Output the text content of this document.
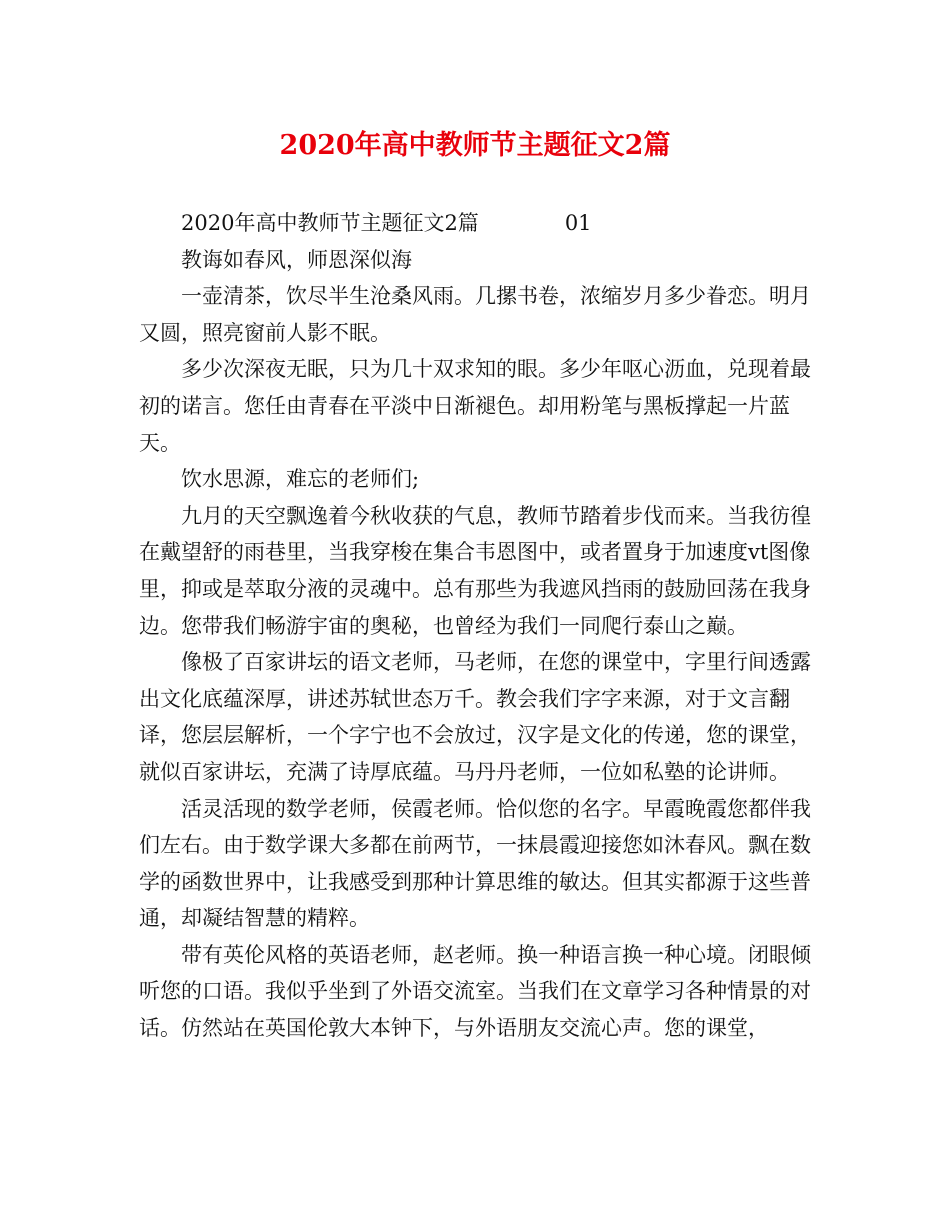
2020年高中教师节主题征文2篇

2020年高中教师节主题征文2篇	01

教诲如春风，师恩深似海

一壶清茶，饮尽半生沧桑风雨。几摞书卷，浓缩岁月多少眷恋。明月又圆，照亮窗前人影不眠。

多少次深夜无眠，只为几十双求知的眼。多少年呕心沥血，兑现着最初的诺言。您任由青春在平淡中日渐褪色。却用粉笔与黑板撑起一片蓝天。

饮水思源，难忘的老师们;

九月的天空飘逸着今秋收获的气息，教师节踏着步伐而来。当我彷徨在戴望舒的雨巷里，当我穿梭在集合韦恩图中，或者置身于加速度vt图像里，抑或是萃取分液的灵魂中。总有那些为我遮风挡雨的鼓励回荡在我身边。您带我们畅游宇宙的奥秘，也曾经为我们一同爬行泰山之巅。

像极了百家讲坛的语文老师，马老师，在您的课堂中，字里行间透露出文化底蕴深厚，讲述苏轼世态万千。教会我们字字来源，对于文言翻译，您层层解析，一个字宁也不会放过，汉字是文化的传递，您的课堂，就似百家讲坛，充满了诗厚底蕴。马丹丹老师，一位如私塾的论讲师。

活灵活现的数学老师，侯霞老师。恰似您的名字。早霞晚霞您都伴我们左右。由于数学课大多都在前两节，一抹晨霞迎接您如沐春风。飘在数学的函数世界中，让我感受到那种计算思维的敏达。但其实都源于这些普通，却凝结智慧的精粹。

带有英伦风格的英语老师，赵老师。换一种语言换一种心境。闭眼倾听您的口语。我似乎坐到了外语交流室。当我们在文章学习各种情景的对话。仿然站在英国伦敦大本钟下，与外语朋友交流心声。您的课堂，
